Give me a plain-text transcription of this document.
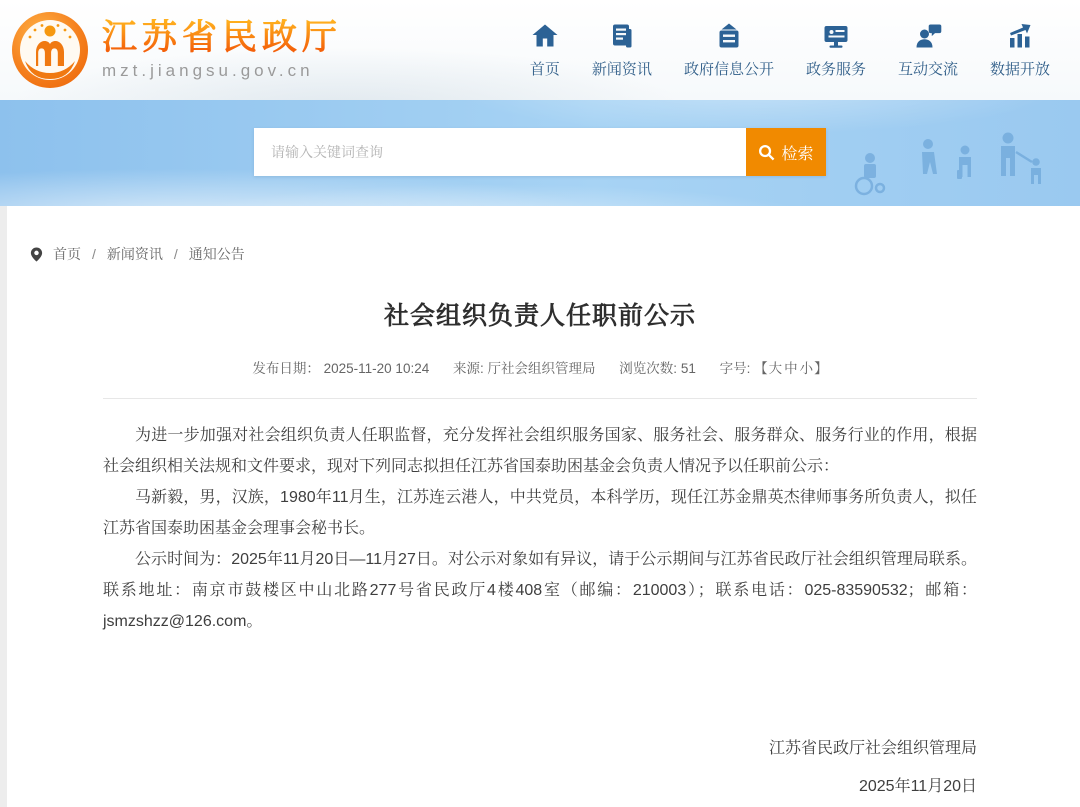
江苏省民政厅
mzt.jiangsu.gov.cn	首页 新闻资讯 政府信息公开 政务服务 互动交流 数据开放
请输入关键词查询
检索
首页 / 新闻资讯 / 通知公告
社会组织负责人任职前公示
发布日期： 2025-11-20 10:24 来源: 厅社会组织管理局 浏览次数: 51 字号: 【大 中 小】

为进一步加强对社会组织负责人任职监督，充分发挥社会组织服务国家、服务社会、服务群众、服务行业的作用，根据社会组织相关法规和文件要求，现对下列同志拟担任江苏省国泰助困基金会负责人情况予以任职前公示：

马新毅，男，汉族，1980年11月生，江苏连云港人，中共党员，本科学历，现任江苏金鼎英杰律师事务所负责人，拟任江苏省国泰助困基金会理事会秘书长。

公示时间为：2025年11月20日—11月27日。对公示对象如有异议，请于公示期间与江苏省民政厅社会组织管理局联系。联系地址：南京市鼓楼区中山北路277号省民政厅4楼408室（邮编：210003）；联系电话：025-83590532；邮箱：jsmzshzz@126.com。

江苏省民政厅社会组织管理局
2025年11月20日
